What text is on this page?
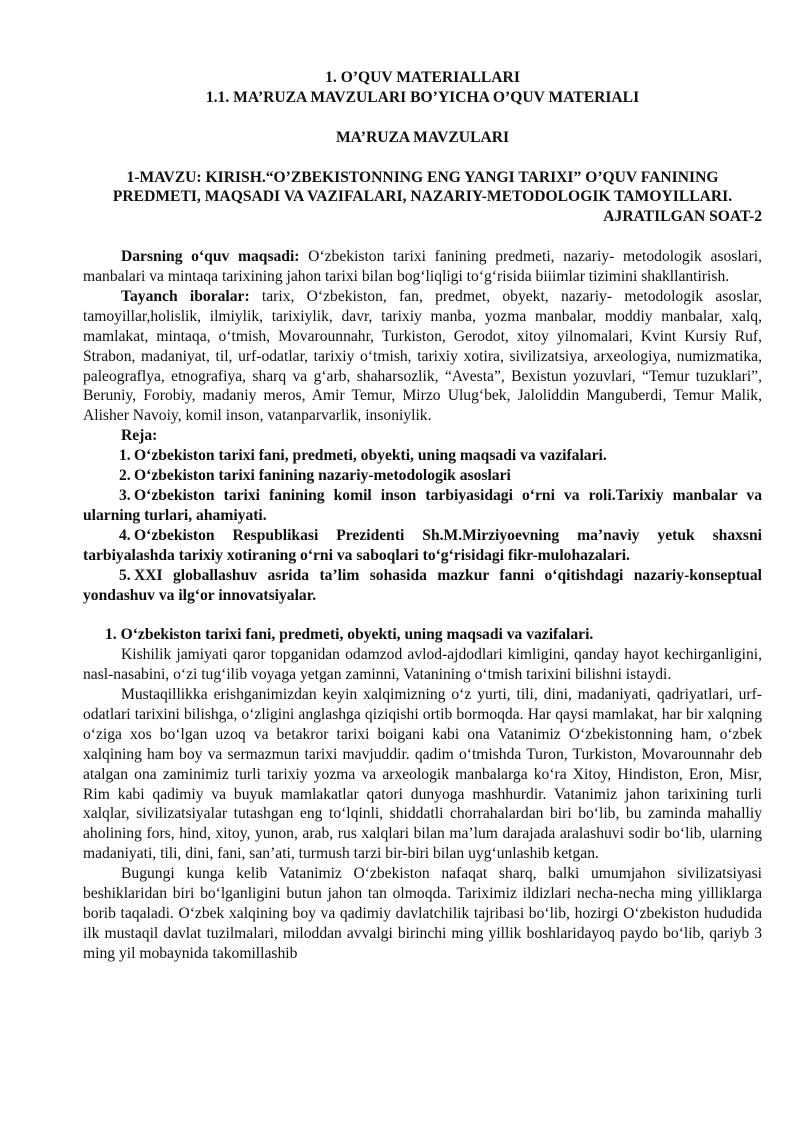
1. O’QUV MATERIALLARI
1.1. MA’RUZA MAVZULARI BO’YICHA O’QUV MATERIALI
MA’RUZA MAVZULARI
1-MAVZU: KIRISH.“O’ZBEKISTONNING ENG YANGI TARIXI” O’QUV FANINING PREDMETI, MAQSADI VA VAZIFALARI, NAZARIY-METODOLOGIK TAMOYILLARI.
AJRATILGAN SOAT-2

Darsning o‘quv maqsadi: O‘zbekiston tarixi fanining predmeti, nazariy- metodologik asoslari, manbalari va mintaqa tarixining jahon tarixi bilan bog‘liqligi to‘g‘risida biiimlar tizimini shakllantirish.

Tayanch iboralar: tarix, O‘zbekiston, fan, predmet, obyekt, nazariy- metodologik asoslar, tamoyillar,holislik, ilmiylik, tarixiylik, davr, tarixiy manba, yozma manbalar, moddiy manbalar, xalq, mamlakat, mintaqa, o‘tmish, Movarounnahr, Turkiston, Gerodot, xitoy yilnomalari, Kvint Kursiy Ruf, Strabon, madaniyat, til, urf-odatlar, tarixiy o‘tmish, tarixiy xotira, sivilizatsiya, arxeologiya, numizmatika, paleograflya, etnografiya, sharq va g‘arb, shaharsozlik, “Avesta”, Bexistun yozuvlari, “Temur tuzuklari”, Beruniy, Forobiy, madaniy meros, Amir Temur, Mirzo Ulug‘bek, Jaloliddin Manguberdi, Temur Malik, Alisher Navoiy, komil inson, vatanparvarlik, insoniylik.

Reja:
1. O‘zbekiston tarixi fani, predmeti, obyekti, uning maqsadi va vazifalari.
2. O‘zbekiston tarixi fanining nazariy-metodologik asoslari
3. O‘zbekiston tarixi fanining komil inson tarbiyasidagi o‘rni va roli.Tarixiy manbalar va ularning turlari, ahamiyati.
4. O‘zbekiston Respublikasi Prezidenti Sh.M.Mirziyoevning ma’naviy yetuk shaxsni tarbiyalashda tarixiy xotiraning o‘rni va saboqlari to‘g‘risidagi fikr-mulohazalari.
5. XXI globallashuv asrida ta’lim sohasida mazkur fanni o‘qitishdagi nazariy-konseptual yondashuv va ilg‘or innovatsiyalar.
1. O‘zbekiston tarixi fani, predmeti, obyekti, uning maqsadi va vazifalari.

Kishilik jamiyati qaror topganidan odamzod avlod-ajdodlari kimligini, qanday hayot kechirganligini, nasl-nasabini, o‘zi tug‘ilib voyaga yetgan zaminni, Vatanining o‘tmish tarixini bilishni istaydi.

Mustaqillikka erishganimizdan keyin xalqimizning o‘z yurti, tili, dini, madaniyati, qadriyatlari, urf-odatlari tarixini bilishga, o‘zligini anglashga qiziqishi ortib bormoqda. Har qaysi mamlakat, har bir xalqning o‘ziga xos bo‘lgan uzoq va betakror tarixi boigani kabi ona Vatanimiz O‘zbekistonning ham, o‘zbek xalqining ham boy va sermazmun tarixi mavjuddir. qadim o‘tmishda Turon, Turkiston, Movarounnahr deb atalgan ona zaminimiz turli tarixiy yozma va arxeologik manbalarga ko‘ra Xitoy, Hindiston, Eron, Misr, Rim kabi qadimiy va buyuk mamlakatlar qatori dunyoga mashhurdir. Vatanimiz jahon tarixining turli xalqlar, sivilizatsiyalar tutashgan eng to‘lqinli, shiddatli chorrahalardan biri bo‘lib, bu zaminda mahalliy aholining fors, hind, xitoy, yunon, arab, rus xalqlari bilan ma’lum darajada aralashuvi sodir bo‘lib, ularning madaniyati, tili, dini, fani, san’ati, turmush tarzi bir-biri bilan uyg‘unlashib ketgan.

Bugungi kunga kelib Vatanimiz O‘zbekiston nafaqat sharq, balki umumjahon sivilizatsiyasi beshiklaridan biri bo‘lganligini butun jahon tan olmoqda. Tariximiz ildizlari necha-necha ming yilliklarga borib taqaladi. O‘zbek xalqining boy va qadimiy davlatchilik tajribasi bo‘lib, hozirgi O‘zbekiston hududida ilk mustaqil davlat tuzilmalari, miloddan avvalgi birinchi ming yillik boshlaridayoq paydo bo‘lib, qariyb 3 ming yil mobaynida takomillashib
